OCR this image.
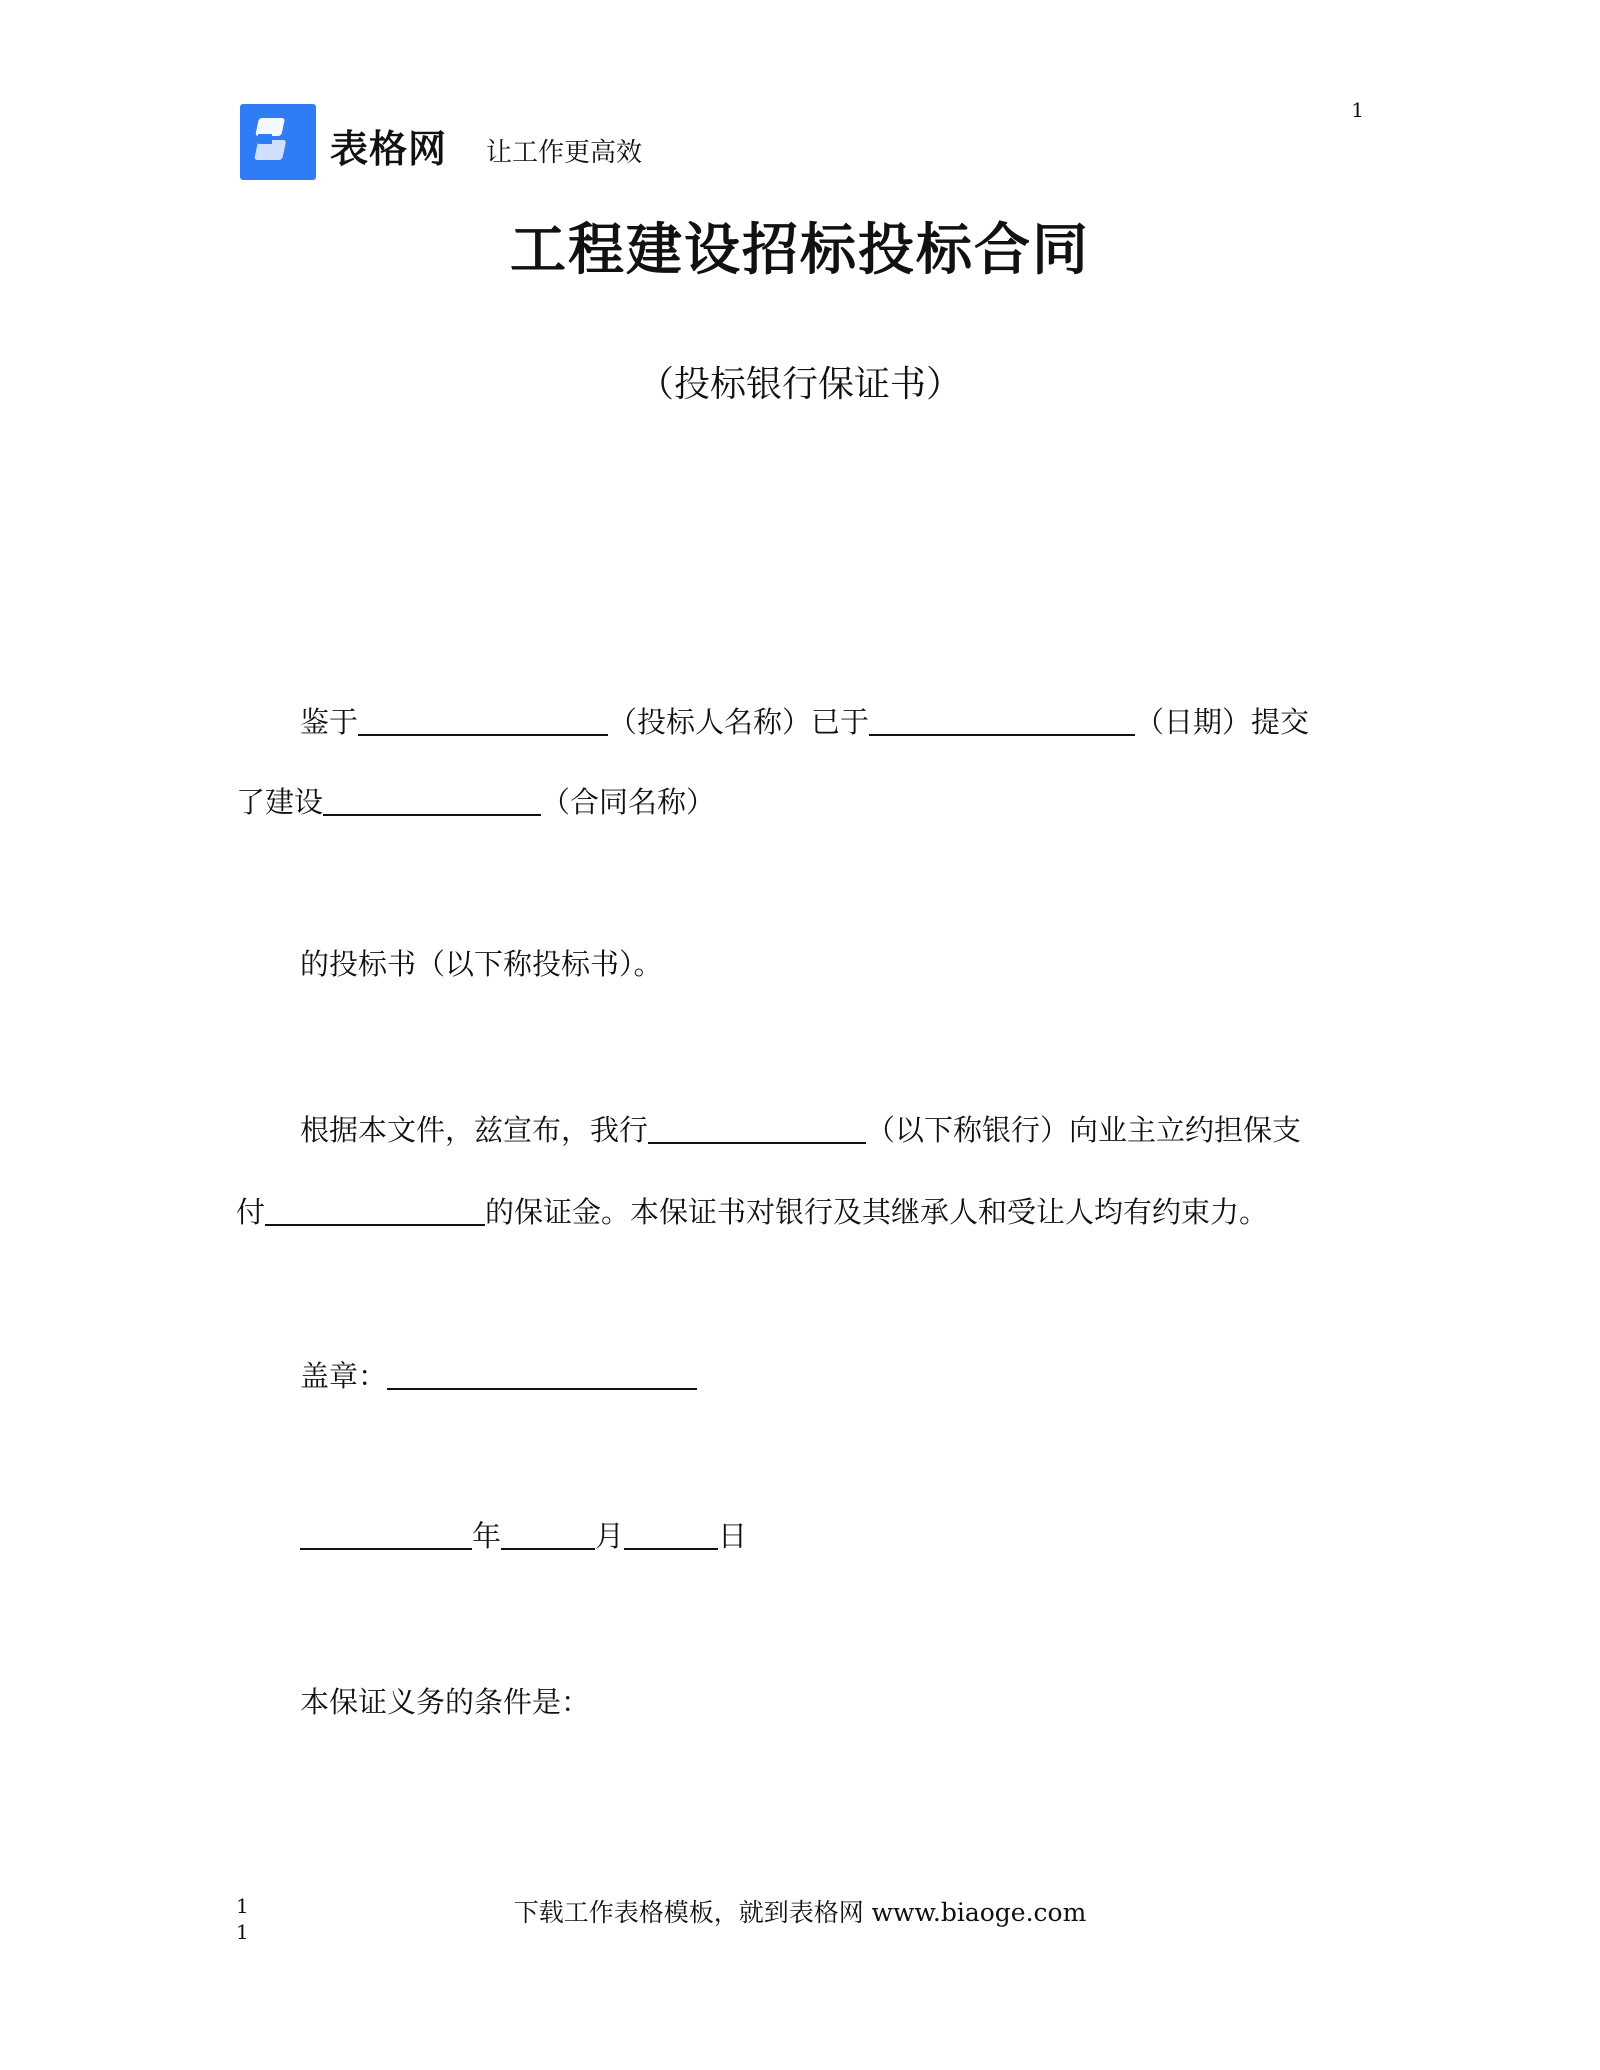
1
表格网 让工作更高效
工程建设招标投标合同
（投标银行保证书）
鉴于	（投标人名称）已于	（日期）提交
了建设	（合同名称）
的投标书（以下称投标书）。
根据本文件，兹宣布，我行	（以下称银行）向业主立约担保支
付	的保证金。本保证书对银行及其继承人和受让人均有约束力。
盖章：
年	月	日
本保证义务的条件是：
下载工作表格模板，就到表格网 www.biaoge.com
1
1
